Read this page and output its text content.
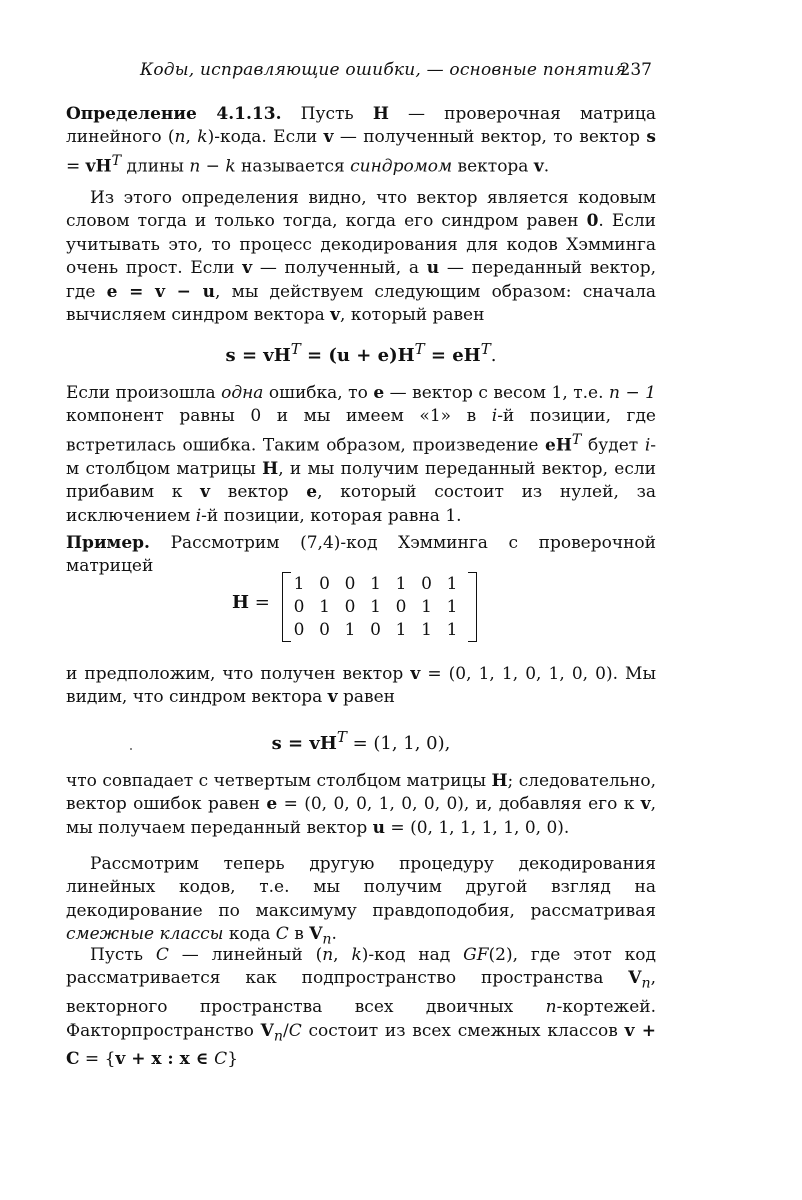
Коды, исправляющие ошибки, — основные понятия
237

Определение 4.1.13. Пусть H — проверочная матрица линейного (n, k)-кода. Если v — полученный вектор, то вектор $s = vH^T$ длины n − k называется синдромом вектора v.

Из этого определения видно, что вектор является кодовым словом тогда и только тогда, когда его синдром равен 0. Если учитывать это, то процесс декодирования для кодов Хэмминга очень прост. Если v — полученный, а u — переданный вектор, где e = v − u, мы действуем следующим образом: сначала вычисляем синдром вектора v, который равен

$s = vH^T = (u + e)H^T = eH^T$.

Если произошла одна ошибка, то e — вектор с весом 1, т.е. n − 1 компонент равны 0 и мы имеем «1» в i-й позиции, где встретилась ошибка. Таким образом, произведение $eH^T$ будет i-м столбцом матрицы H, и мы получим переданный вектор, если прибавим к v вектор e, который состоит из нулей, за исключением i-й позиции, которая равна 1.

Пример. Рассмотрим (7,4)-код Хэмминга с проверочной матрицей

H =
1 0 0 1 1 0 1
0 1 0 1 0 1 1
0 0 1 0 1 1 1

и предположим, что получен вектор v = (0, 1, 1, 0, 1, 0, 0). Мы видим, что синдром вектора v равен

$s = vH^T = (1$, 1, 0),

что совпадает с четвертым столбцом матрицы H; следовательно, вектор ошибок равен e = (0, 0, 0, 1, 0, 0, 0), и, добавляя его к v, мы получаем переданный вектор u = (0, 1, 1, 1, 1, 0, 0).

Рассмотрим теперь другую процедуру декодирования линейных кодов, т.е. мы получим другой взгляд на декодирование по максимуму правдоподобия, рассматривая смежные классы кода C в $V_n$.

Пусть C — линейный (n, k)-код над GF(2), где этот код рассматривается как подпространство пространства $V_n$, векторного пространства всех двоичных n-кортежей. Факторпространство $V_n/C$ состоит из всех смежных классов v + C = {v + x : x ∈ C}
